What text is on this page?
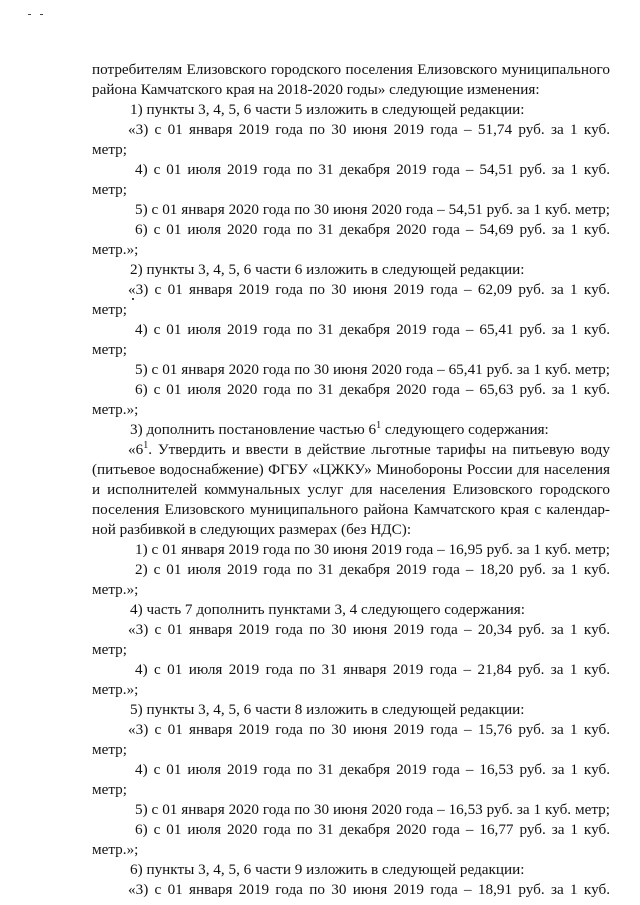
потребителям Елизовского городского поселения Елизовского муниципального
района Камчатского края на 2018-2020 годы» следующие изменения:
1) пункты 3, 4, 5, 6 части 5 изложить в следующей редакции:
«3) с 01 января 2019 года по 30 июня 2019 года – 51,74 руб. за 1 куб.
метр;
4) с 01 июля 2019 года по 31 декабря 2019 года – 54,51 руб. за 1 куб.
метр;
5) с 01 января 2020 года по 30 июня 2020 года – 54,51 руб. за 1 куб. метр;
6) с 01 июля 2020 года по 31 декабря 2020 года – 54,69 руб. за 1 куб.
метр.»;
2) пункты 3, 4, 5, 6 части 6 изложить в следующей редакции:
«3) с 01 января 2019 года по 30 июня 2019 года – 62,09 руб. за 1 куб.
метр;
4) с 01 июля 2019 года по 31 декабря 2019 года – 65,41 руб. за 1 куб.
метр;
5) с 01 января 2020 года по 30 июня 2020 года – 65,41 руб. за 1 куб. метр;
6) с 01 июля 2020 года по 31 декабря 2020 года – 65,63 руб. за 1 куб.
метр.»;
3) дополнить постановление частью $6^1$ следующего содержания:
«$6^1$. Утвердить и ввести в действие льготные тарифы на питьевую воду
(питьевое водоснабжение) ФГБУ «ЦЖКУ» Минобороны России для населения
и исполнителей коммунальных услуг для населения Елизовского городского
поселения Елизовского муниципального района Камчатского края с календар-
ной разбивкой в следующих размерах (без НДС):
1) с 01 января 2019 года по 30 июня 2019 года – 16,95 руб. за 1 куб. метр;
2) с 01 июля 2019 года по 31 декабря 2019 года – 18,20 руб. за 1 куб.
метр.»;
4) часть 7 дополнить пунктами 3, 4 следующего содержания:
«3) с 01 января 2019 года по 30 июня 2019 года – 20,34 руб. за 1 куб.
метр;
4) с 01 июля 2019 года по 31 января 2019 года – 21,84 руб. за 1 куб.
метр.»;
5) пункты 3, 4, 5, 6 части 8 изложить в следующей редакции:
«3) с 01 января 2019 года по 30 июня 2019 года – 15,76 руб. за 1 куб.
метр;
4) с 01 июля 2019 года по 31 декабря 2019 года – 16,53 руб. за 1 куб.
метр;
5) с 01 января 2020 года по 30 июня 2020 года – 16,53 руб. за 1 куб. метр;
6) с 01 июля 2020 года по 31 декабря 2020 года – 16,77 руб. за 1 куб.
метр.»;
6) пункты 3, 4, 5, 6 части 9 изложить в следующей редакции:
«3) с 01 января 2019 года по 30 июня 2019 года – 18,91 руб. за 1 куб.
